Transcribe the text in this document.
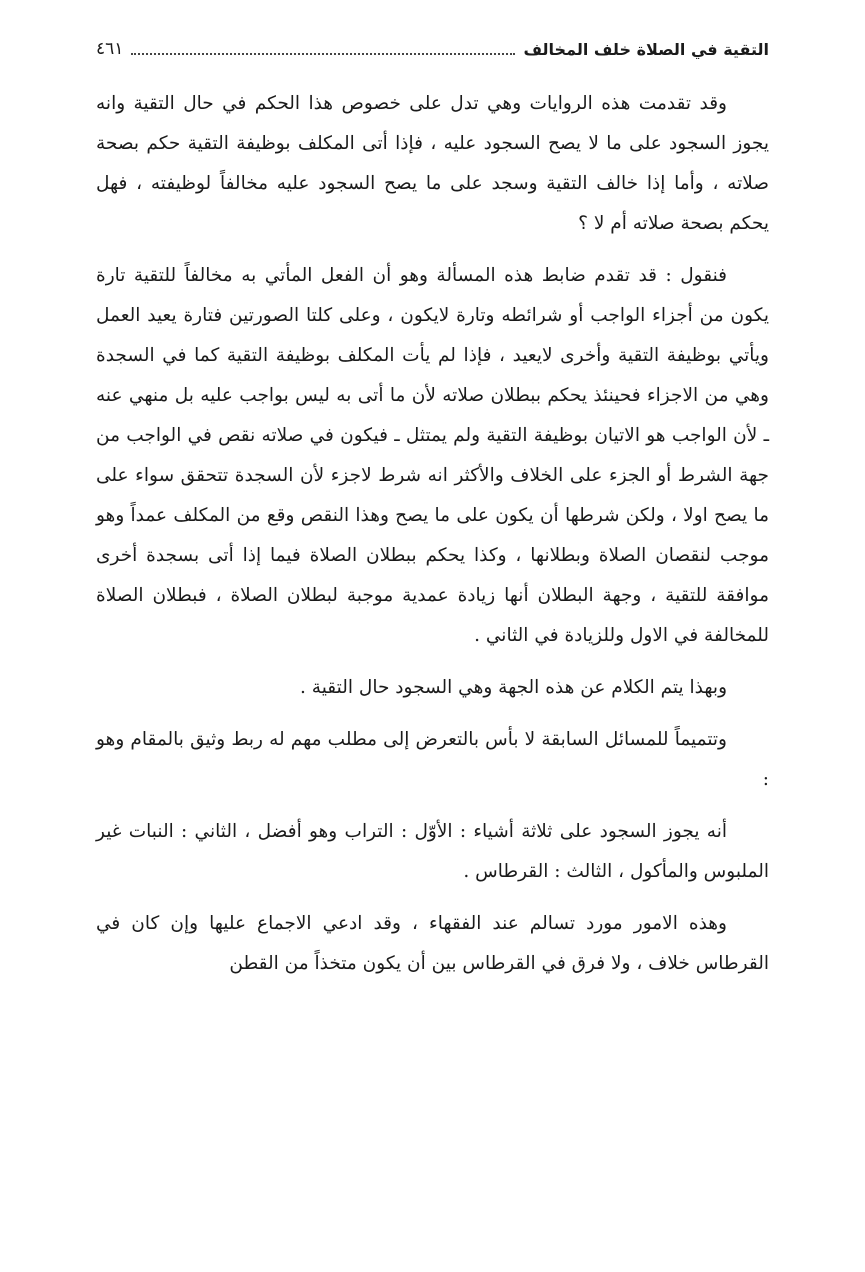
التقية في الصلاة خلف المخالف
٤٦١

وقد تقدمت هذه الروايات وهي تدل على خصوص هذا الحكم في حال التقية وانه يجوز السجود على ما لا يصح السجود عليه ، فإذا أتى المكلف بوظيفة التقية حكم بصحة صلاته ، وأما إذا خالف التقية وسجد على ما يصح السجود عليه مخالفاً لوظيفته ، فهل يحكم بصحة صلاته أم لا ؟

فنقول : قد تقدم ضابط هذه المسألة وهو أن الفعل المأتي به مخالفاً للتقية تارة يكون من أجزاء الواجب أو شرائطه وتارة لايكون ، وعلى كلتا الصورتين فتارة يعيد العمل ويأتي بوظيفة التقية وأخرى لايعيد ، فإذا لم يأت المكلف بوظيفة التقية كما في السجدة وهي من الاجزاء فحينئذ يحكم ببطلان صلاته لأن ما أتى به ليس بواجب عليه بل منهي عنه ـ لأن الواجب هو الاتيان بوظيفة التقية ولم يمتثل ـ فيكون في صلاته نقص في الواجب من جهة الشرط أو الجزء على الخلاف والأكثر انه شرط لاجزء لأن السجدة تتحقق سواء على ما يصح اولا ، ولكن شرطها أن يكون على ما يصح وهذا النقص وقع من المكلف عمداً وهو موجب لنقصان الصلاة وبطلانها ، وكذا يحكم ببطلان الصلاة فيما إذا أتى بسجدة أخرى موافقة للتقية ، وجهة البطلان أنها زيادة عمدية موجبة لبطلان الصلاة ، فبطلان الصلاة للمخالفة في الاول وللزيادة في الثاني .

وبهذا يتم الكلام عن هذه الجهة وهي السجود حال التقية .

وتتميماً للمسائل السابقة لا بأس بالتعرض إلى مطلب مهم له ربط وثيق بالمقام وهو :

أنه يجوز السجود على ثلاثة أشياء : الأوّل : التراب وهو أفضل ، الثاني : النبات غير الملبوس والمأكول ، الثالث : القرطاس .

وهذه الامور مورد تسالم عند الفقهاء ، وقد ادعي الاجماع عليها وإن كان في القرطاس خلاف ، ولا فرق في القرطاس بين أن يكون متخذاً من القطن
